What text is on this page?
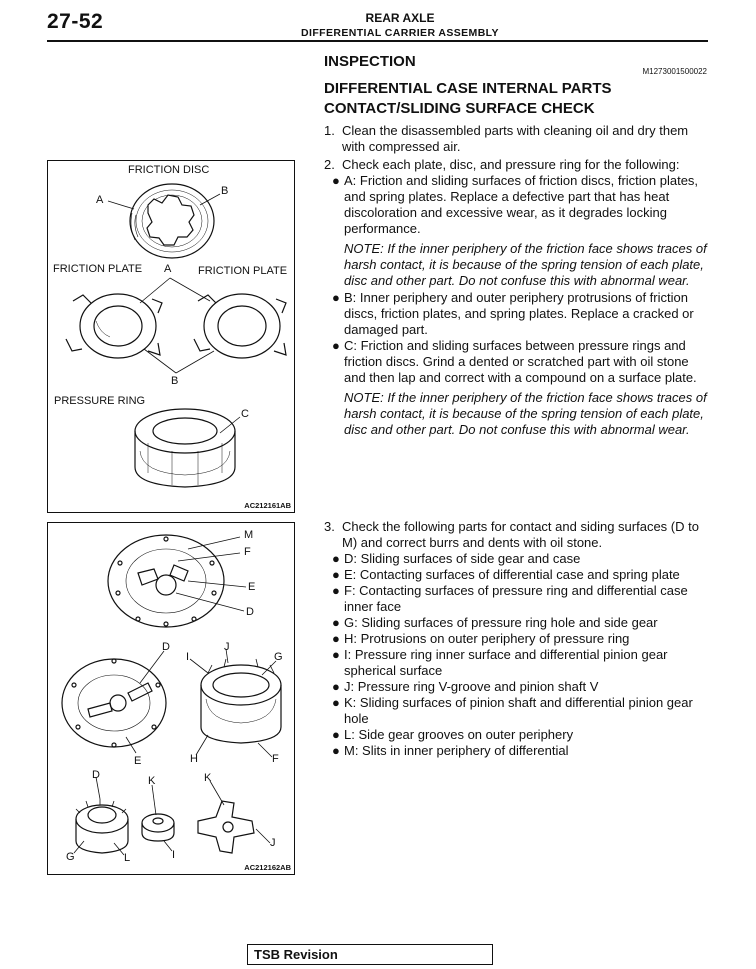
27-52	REAR AXLE
DIFFERENTIAL CARRIER ASSEMBLY
INSPECTION
M1273001500022
DIFFERENTIAL CASE INTERNAL PARTS
CONTACT/SLIDING SURFACE CHECK
1. Clean the disassembled parts with cleaning oil and dry them with compressed air.
2. Check each plate, disc, and pressure ring for the following:
● A: Friction and sliding surfaces of friction discs, friction plates, and spring plates. Replace a defective part that has heat discoloration and excessive wear, as it degrades locking performance.
NOTE: If the inner periphery of the friction face shows traces of harsh contact, it is because of the spring tension of each plate, disc and other part. Do not confuse this with abnormal wear.
● B: Inner periphery and outer periphery protrusions of friction discs, friction plates, and spring plates. Replace a cracked or damaged part.
● C: Friction and sliding surfaces between pressure rings and friction discs. Grind a dented or scratched part with oil stone and then lap and correct with a compound on a surface plate.
NOTE: If the inner periphery of the friction face shows traces of harsh contact, it is because of the spring tension of each plate, disc and other part. Do not confuse this with abnormal wear.
3. Check the following parts for contact and siding surfaces (D to M) and correct burrs and dents with oil stone.
● D: Sliding surfaces of side gear and case
● E: Contacting surfaces of differential case and spring plate
● F: Contacting surfaces of pressure ring and differential case inner face
● G: Sliding surfaces of pressure ring hole and side gear
● H: Protrusions on outer periphery of pressure ring
● I: Pressure ring inner surface and differential pinion gear spherical surface
● J: Pressure ring V-groove and pinion shaft V
● K: Sliding surfaces of pinion shaft and differential pinion gear hole
● L: Side gear grooves on outer periphery
● M: Slits in inner periphery of differential
FRICTION DISC
A
B
FRICTION PLATE A FRICTION PLATE
B
PRESSURE RING
C
AC212161AB
M
F
E
D
D
I
J
G
E	H	F
D	K	K
G	L	I
J
AC212162AB
TSB Revision
